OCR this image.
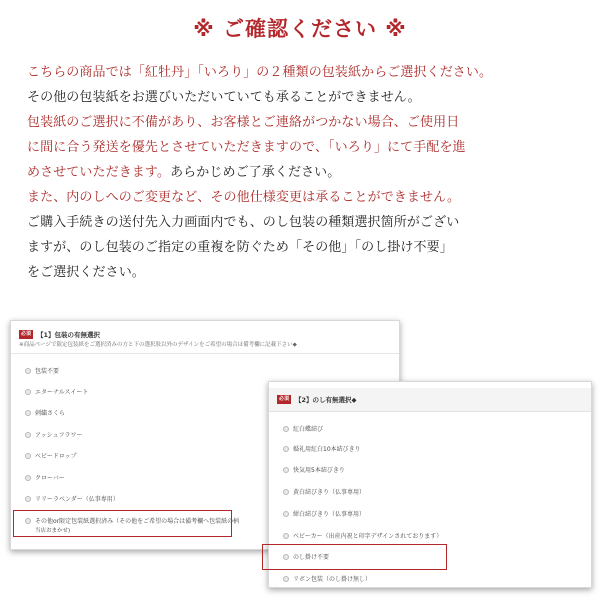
※ ご確認ください ※

こちらの商品では「紅牡丹」「いろり」の２種類の包装紙からご選択ください。

その他の包装紙をお選びいただいていても承ることができません。

包装紙のご選択に不備があり、お客様とご連絡がつかない場合、ご使用日

に間に合う発送を優先とさせていただきますので、「いろり」にて手配を進

めさせていただきます。あらかじめご了承ください。

また、内のしへのご変更など、その他仕様変更は承ることができません。

ご購入手続きの送付先入力画面内でも、のし包装の種類選択箇所がござい

ますが、のし包装のご指定の重複を防ぐため「その他」「のし掛け不要」

をご選択ください。

必須 【1】包装の有無選択
※商品ページで限定包装紙をご選択済みの方と下の選択肢以外のデザインをご希望の場合は備考欄に記載下さい◆
包装不要
エターナルスイート
刺繍さくら
アッシュフラワー
ベビードロップ
クローバー
リリーラベンダー（仏事専用）
その他or限定包装紙選択済み（その他をご希望の場合は備考欄へ包装紙の柄
当店おまかせ)
必須 【2】のし有無選択◆
紅白蝶結び
婚礼用紅白10本結びきり
快気用5本結びきり
黄白結びきり（仏事専用）
紺白結びきり（仏事専用）
ベビーカー（出産内祝と印字デザインされております）
のし掛け不要
リボン包装（のし掛け無し）
